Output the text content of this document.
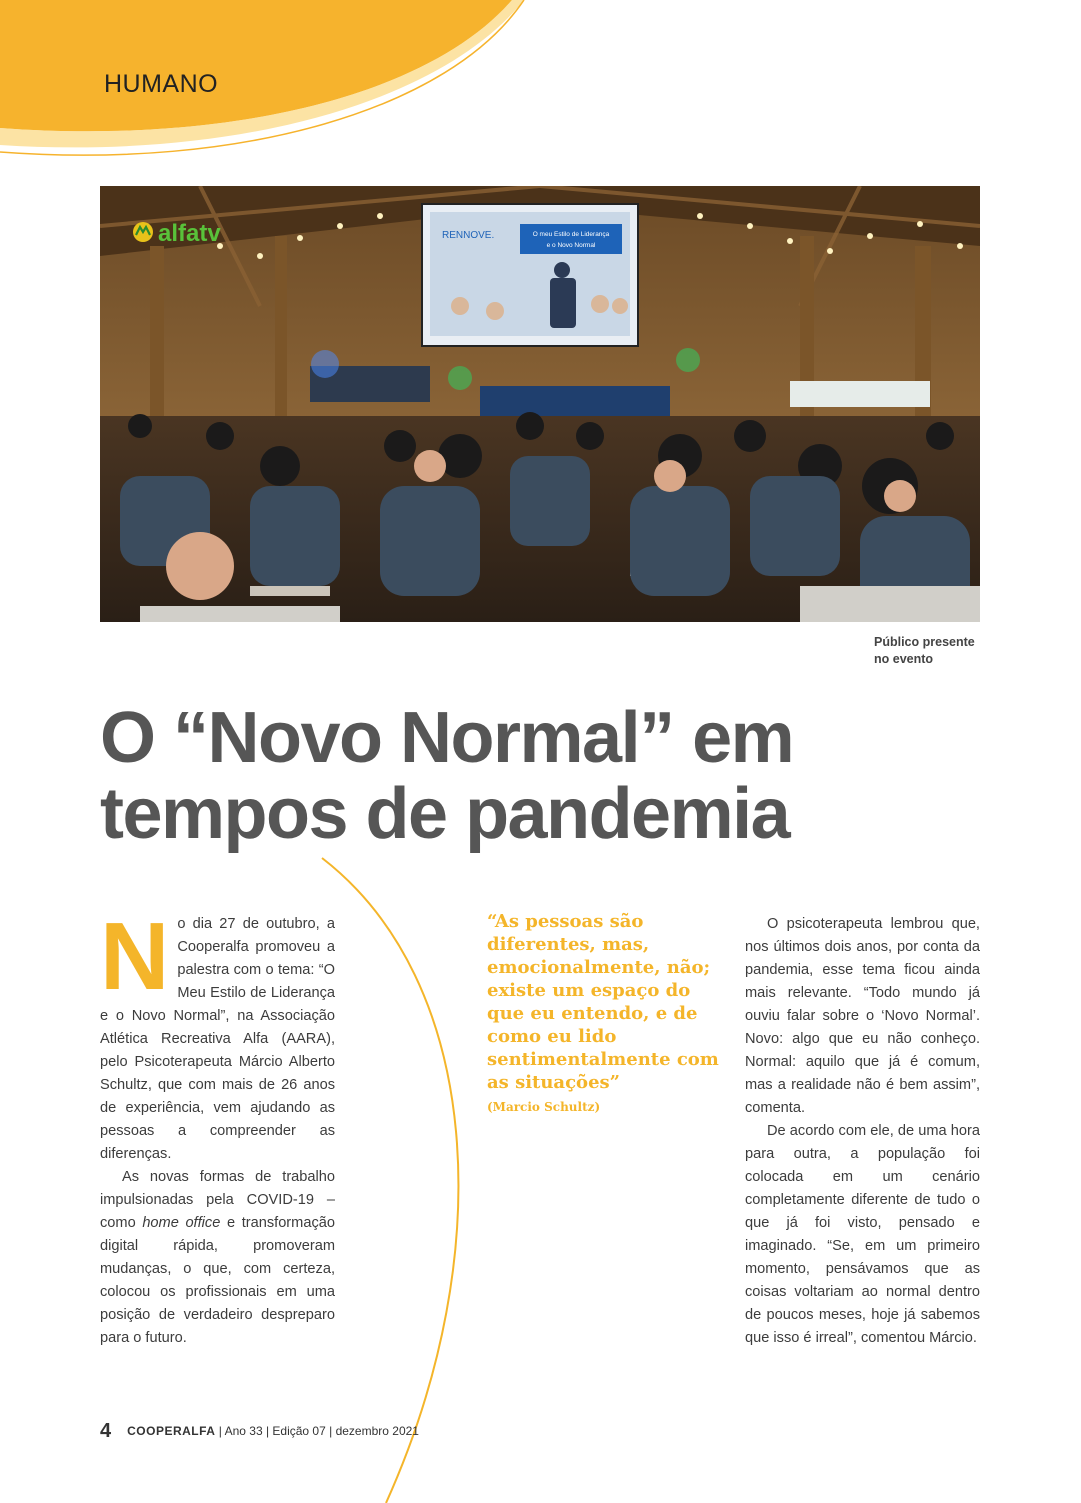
HUMANO
RENNOVE.	O meu Estilo de Liderança
e o Novo Normal
alfatv
Público presente
no evento
O “Novo Normal” em
tempos de pandemia

No dia 27 de outubro, a Cooperalfa promoveu a palestra com o tema: “O Meu Estilo de Liderança e o Novo Normal”, na Associação Atlética Recreativa Alfa (AARA), pelo Psicoterapeuta Márcio Alberto Schultz, que com mais de 26 anos de experiência, vem ajudando as pessoas a compreender as diferenças.

As novas formas de trabalho impulsionadas pela COVID-19 – como home office e transformação digital rápida, promoveram mudanças, o que, com certeza, colocou os profissionais em uma posição de verdadeiro despreparo para o futuro.

“As pessoas são diferentes, mas, emocionalmente, não; existe um espaço do que eu entendo, e de como eu lido sentimentalmente com as situações”

(Marcio Schultz)

O psicoterapeuta lembrou que, nos últimos dois anos, por conta da pandemia, esse tema ficou ainda mais relevante. “Todo mundo já ouviu falar sobre o ‘Novo Normal’. Novo: algo que eu não conheço. Normal: aquilo que já é comum, mas a realidade não é bem assim”, comenta.

De acordo com ele, de uma hora para outra, a população foi colocada em um cenário completamente diferente de tudo o que já foi visto, pensado e imaginado. “Se, em um primeiro momento, pensávamos que as coisas voltariam ao normal dentro de poucos meses, hoje já sabemos que isso é irreal”, comentou Márcio.

4 COOPERALFA | Ano 33 | Edição 07 | dezembro 2021
